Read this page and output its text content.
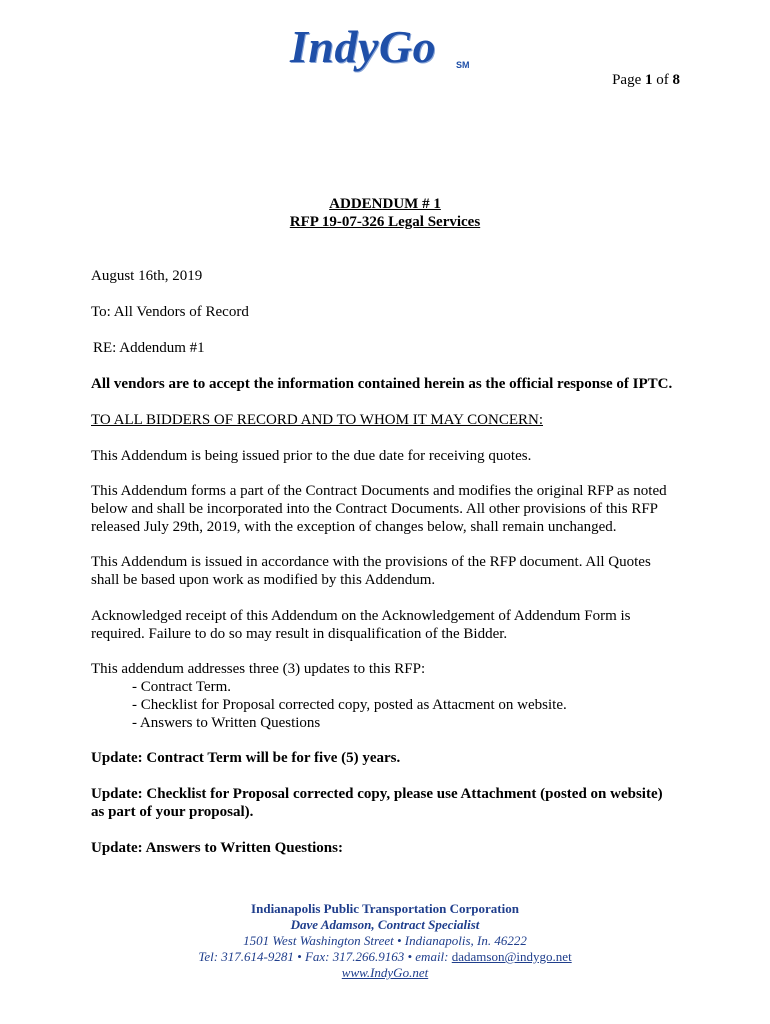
IndyGo SM
Page 1 of 8
ADDENDUM # 1
RFP 19-07-326 Legal Services
August 16th, 2019
To: All Vendors of Record
RE: Addendum #1
All vendors are to accept the information contained herein as the official response of IPTC.
TO ALL BIDDERS OF RECORD AND TO WHOM IT MAY CONCERN:
This Addendum is being issued prior to the due date for receiving quotes.
This Addendum forms a part of the Contract Documents and modifies the original RFP as noted
below and shall be incorporated into the Contract Documents. All other provisions of this RFP
released July 29th, 2019, with the exception of changes below, shall remain unchanged.
This Addendum is issued in accordance with the provisions of the RFP document. All Quotes
shall be based upon work as modified by this Addendum.
Acknowledged receipt of this Addendum on the Acknowledgement of Addendum Form is
required. Failure to do so may result in disqualification of the Bidder.
This addendum addresses three (3) updates to this RFP:
- Contract Term.
- Checklist for Proposal corrected copy, posted as Attacment on website.
- Answers to Written Questions
Update: Contract Term will be for five (5) years.
Update: Checklist for Proposal corrected copy, please use Attachment (posted on website)
as part of your proposal).
Update: Answers to Written Questions:
Indianapolis Public Transportation Corporation
Dave Adamson, Contract Specialist
1501 West Washington Street • Indianapolis, In. 46222
Tel: 317.614-9281 • Fax: 317.266.9163 • email: dadamson@indygo.net
www.IndyGo.net
